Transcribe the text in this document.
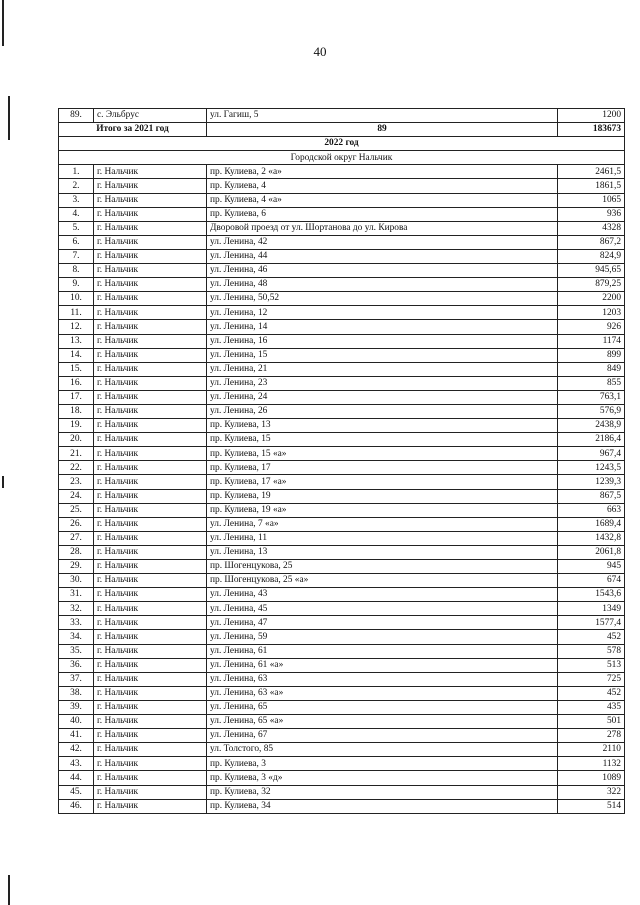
40
89.	с. Эльбрус	ул. Гагиш, 5	1200
Итого за 2021 год		89	183673
2022 год			
Городской округ Нальчик			
1.	г. Нальчик	пр. Кулиева, 2 «а»	2461,5
2.	г. Нальчик	пр. Кулиева, 4	1861,5
3.	г. Нальчик	пр. Кулиева, 4 «а»	1065
4.	г. Нальчик	пр. Кулиева, 6	936
5.	г. Нальчик	Дворовой проезд от ул. Шортанова до ул. Кирова	4328
6.	г. Нальчик	ул. Ленина, 42	867,2
7.	г. Нальчик	ул. Ленина, 44	824,9
8.	г. Нальчик	ул. Ленина, 46	945,65
9.	г. Нальчик	ул. Ленина, 48	879,25
10.	г. Нальчик	ул. Ленина, 50,52	2200
11.	г. Нальчик	ул. Ленина, 12	1203
12.	г. Нальчик	ул. Ленина, 14	926
13.	г. Нальчик	ул. Ленина, 16	1174
14.	г. Нальчик	ул. Ленина, 15	899
15.	г. Нальчик	ул. Ленина, 21	849
16.	г. Нальчик	ул. Ленина, 23	855
17.	г. Нальчик	ул. Ленина, 24	763,1
18.	г. Нальчик	ул. Ленина, 26	576,9
19.	г. Нальчик	пр. Кулиева, 13	2438,9
20.	г. Нальчик	пр. Кулиева, 15	2186,4
21.	г. Нальчик	пр. Кулиева, 15 «а»	967,4
22.	г. Нальчик	пр. Кулиева, 17	1243,5
23.	г. Нальчик	пр. Кулиева, 17 «а»	1239,3
24.	г. Нальчик	пр. Кулиева, 19	867,5
25.	г. Нальчик	пр. Кулиева, 19 «а»	663
26.	г. Нальчик	ул. Ленина, 7 «а»	1689,4
27.	г. Нальчик	ул. Ленина, 11	1432,8
28.	г. Нальчик	ул. Ленина, 13	2061,8
29.	г. Нальчик	пр. Шогенцукова, 25	945
30.	г. Нальчик	пр. Шогенцукова, 25 «а»	674
31.	г. Нальчик	ул. Ленина, 43	1543,6
32.	г. Нальчик	ул. Ленина, 45	1349
33.	г. Нальчик	ул. Ленина, 47	1577,4
34.	г. Нальчик	ул. Ленина, 59	452
35.	г. Нальчик	ул. Ленина, 61	578
36.	г. Нальчик	ул. Ленина, 61 «а»	513
37.	г. Нальчик	ул. Ленина, 63	725
38.	г. Нальчик	ул. Ленина, 63 «а»	452
39.	г. Нальчик	ул. Ленина, 65	435
40.	г. Нальчик	ул. Ленина, 65 «а»	501
41.	г. Нальчик	ул. Ленина, 67	278
42.	г. Нальчик	ул. Толстого, 85	2110
43.	г. Нальчик	пр. Кулиева, 3	1132
44.	г. Нальчик	пр. Кулиева, 3 «д»	1089
45.	г. Нальчик	пр. Кулиева, 32	322
46.	г. Нальчик	пр. Кулиева, 34	514
